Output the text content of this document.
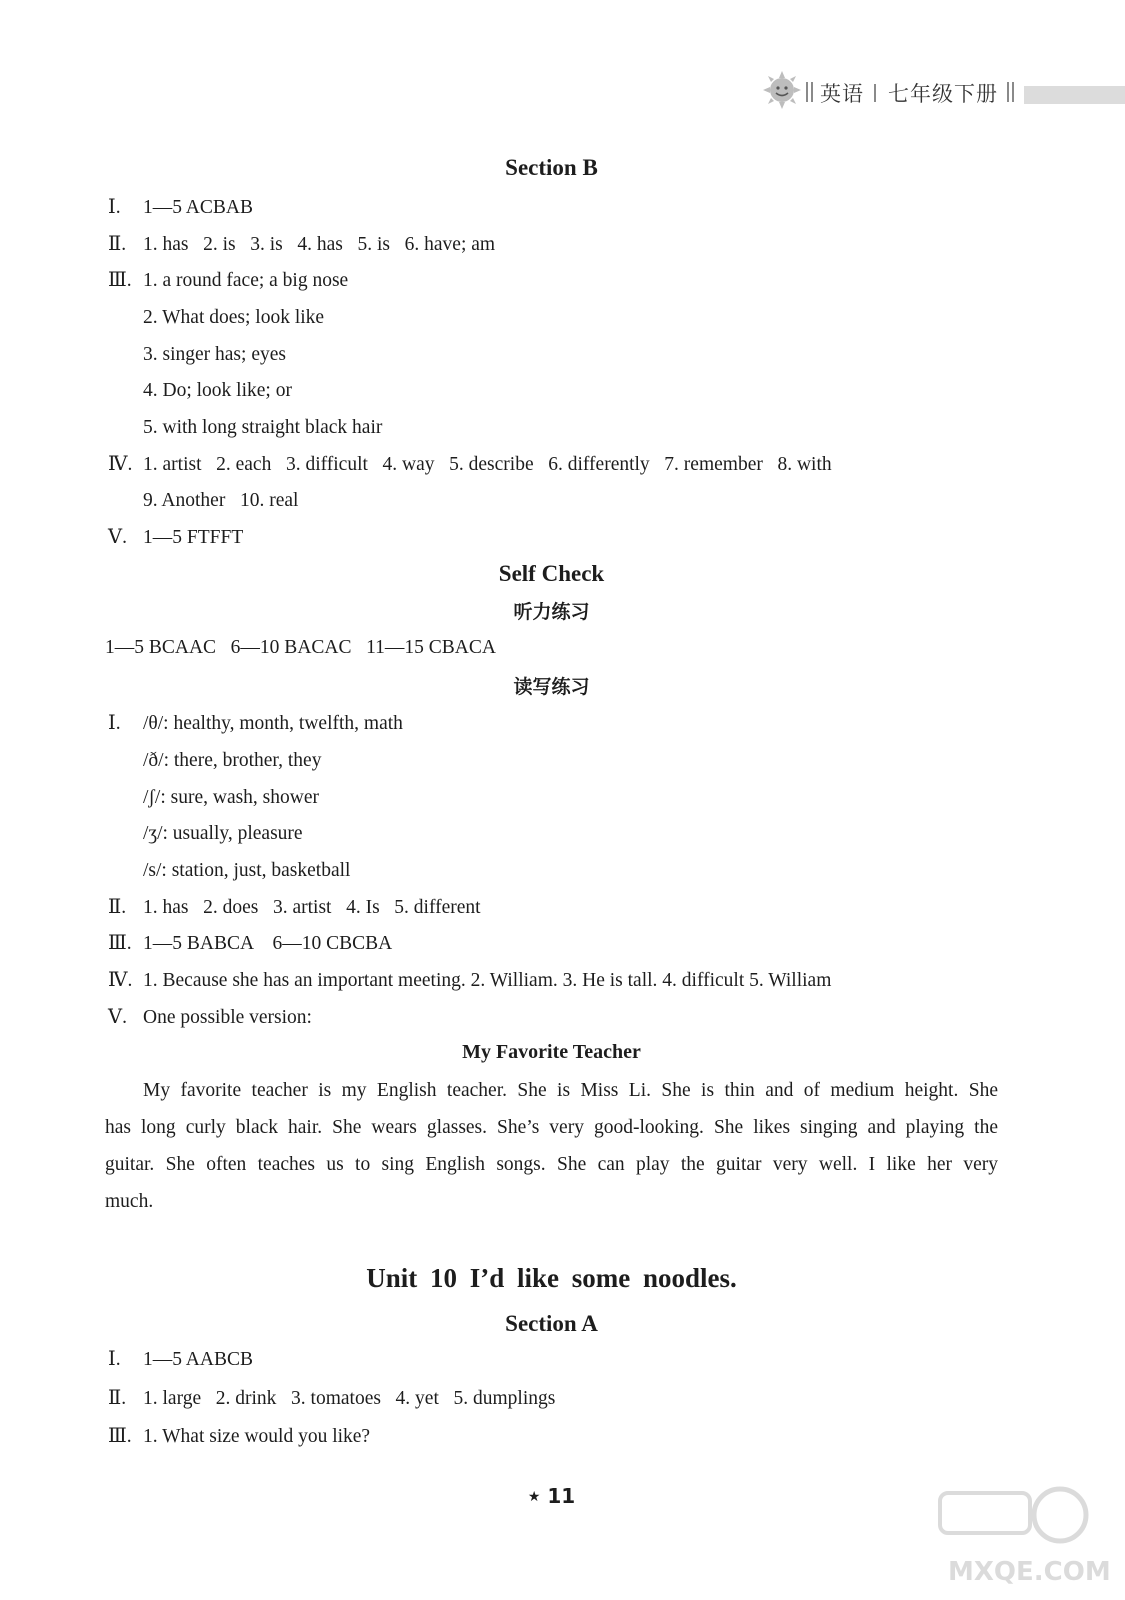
英语 七年级下册
Section B
Ⅰ. 1—5 ACBAB
Ⅱ. 1. has   2. is   3. is   4. has   5. is   6. have; am
Ⅲ. 1. a round face; a big nose
2. What does; look like
3. singer has; eyes
4. Do; look like; or
5. with long straight black hair
Ⅳ. 1. artist   2. each   3. difficult   4. way   5. describe   6. differently   7. remember   8. with
9. Another   10. real
Ⅴ. 1—5 FTFFT
Self Check
听力练习
1—5 BCAAC   6—10 BACAC   11—15 CBACA
读写练习
Ⅰ. /θ/: healthy, month, twelfth, math
/ð/: there, brother, they
/ʃ/: sure, wash, shower
/ʒ/: usually, pleasure
/s/: station, just, basketball
Ⅱ. 1. has   2. does   3. artist   4. Is   5. different
Ⅲ. 1—5 BABCA    6—10 CBCBA
Ⅳ. 1. Because she has an important meeting. 2. William. 3. He is tall. 4. difficult 5. William
Ⅴ. One possible version:
My Favorite Teacher
My favorite teacher is my English teacher. She is Miss Li. She is thin and of medium height. She has long curly black hair. She wears glasses. She’s very good-looking. She likes singing and playing the guitar. She often teaches us to sing English songs. She can play the guitar very well. I like her very much.
Unit 10 I’d like some noodles.
Section A
Ⅰ. 1—5 AABCB
Ⅱ. 1. large   2. drink   3. tomatoes   4. yet   5. dumplings
Ⅲ. 1. What size would you like?
★ 11
MXQE.COM
